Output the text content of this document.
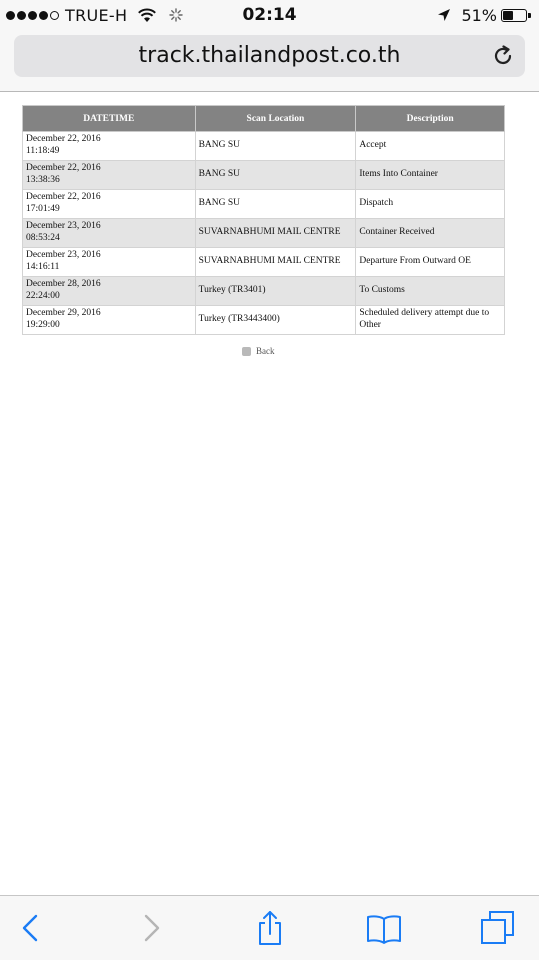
TRUE-H	02:14	51%
track.thailandpost.co.th
DATETIME	Scan Location	Description

December 22, 2016
11:18:49	BANG SU	Accept

December 22, 2016
13:38:36	BANG SU	Items Into Container

December 22, 2016
17:01:49	BANG SU	Dispatch

December 23, 2016
08:53:24	SUVARNABHUMI MAIL CENTRE	Container Received

December 23, 2016
14:16:11	SUVARNABHUMI MAIL CENTRE	Departure From Outward OE

December 28, 2016
22:24:00	Turkey (TR3401)	To Customs

December 29, 2016
19:29:00	Turkey (TR3443400)	Scheduled delivery attempt due to Other
Back
